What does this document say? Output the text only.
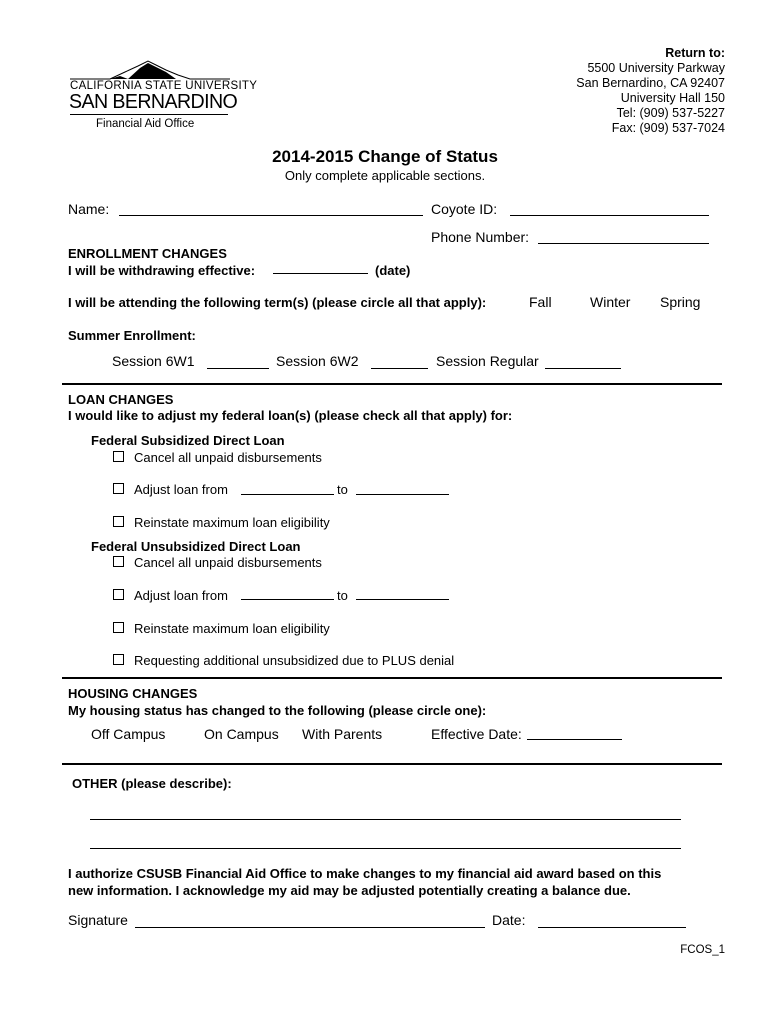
CALIFORNIA STATE UNIVERSITY
SAN BERNARDINO
Financial Aid Office
Return to:
5500 University Parkway
San Bernardino, CA 92407
University Hall 150
Tel: (909) 537-5227
Fax: (909) 537-7024
2014-2015 Change of Status
Only complete applicable sections.
Name:	Coyote ID:
Phone Number:
ENROLLMENT CHANGES
I will be withdrawing effective:	(date)
I will be attending the following term(s) (please circle all that apply):	Fall	Winter Spring
Summer Enrollment:
Session 6W1	Session 6W2	Session Regular
LOAN CHANGES
I would like to adjust my federal loan(s) (please check all that apply) for:
Federal Subsidized Direct Loan
Cancel all unpaid disbursements
Adjust loan from	to
Reinstate maximum loan eligibility
Federal Unsubsidized Direct Loan
Cancel all unpaid disbursements
Adjust loan from	to
Reinstate maximum loan eligibility
Requesting additional unsubsidized due to PLUS denial
HOUSING CHANGES
My housing status has changed to the following (please circle one):
Off Campus	On Campus With Parents	Effective Date:
OTHER (please describe):
I authorize CSUSB Financial Aid Office to make changes to my financial aid award based on this
new information. I acknowledge my aid may be adjusted potentially creating a balance due.
Signature	Date:
FCOS_1
